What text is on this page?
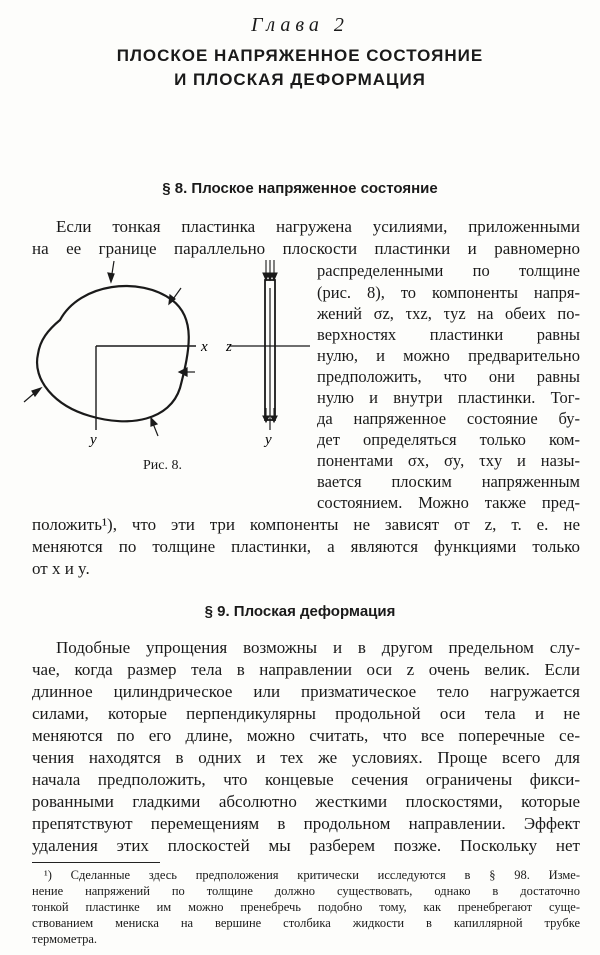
Глава 2
ПЛОСКОЕ НАПРЯЖЕННОЕ СОСТОЯНИЕ
И ПЛОСКАЯ ДЕФОРМАЦИЯ
§ 8. Плоское напряженное состояние
Если тонкая пластинка нагружена усилиями, приложенными
на ее границе параллельно плоскости пластинки и равномерно
распределенными по толщине
(рис. 8), то компоненты напря-
жений σz, τxz, τyz на обеих по-
верхностях пластинки равны
нулю, и можно предварительно
предположить, что они равны
нулю и внутри пластинки. Тог-
да напряженное состояние бу-
дет определяться только ком-
понентами σx, σy, τxy и назы-
вается плоским напряженным
состоянием. Можно также пред-
x
y
z
y
Рис. 8.
положить¹), что эти три компоненты не зависят от z, т. е. не
меняются по толщине пластинки, а являются функциями только
от x и y.
§ 9. Плоская деформация
Подобные упрощения возможны и в другом предельном слу-
чае, когда размер тела в направлении оси z очень велик. Если
длинное цилиндрическое или призматическое тело нагружается
силами, которые перпендикулярны продольной оси тела и не
меняются по его длине, можно считать, что все поперечные се-
чения находятся в одних и тех же условиях. Проще всего для
начала предположить, что концевые сечения ограничены фикси-
рованными гладкими абсолютно жесткими плоскостями, которые
препятствуют перемещениям в продольном направлении. Эффект
удаления этих плоскостей мы разберем позже. Поскольку нет
¹) Сделанные здесь предположения критически исследуются в § 98. Изме-
нение напряжений по толщине должно существовать, однако в достаточно
тонкой пластинке им можно пренебречь подобно тому, как пренебрегают суще-
ствованием мениска на вершине столбика жидкости в капиллярной трубке
термометра.
